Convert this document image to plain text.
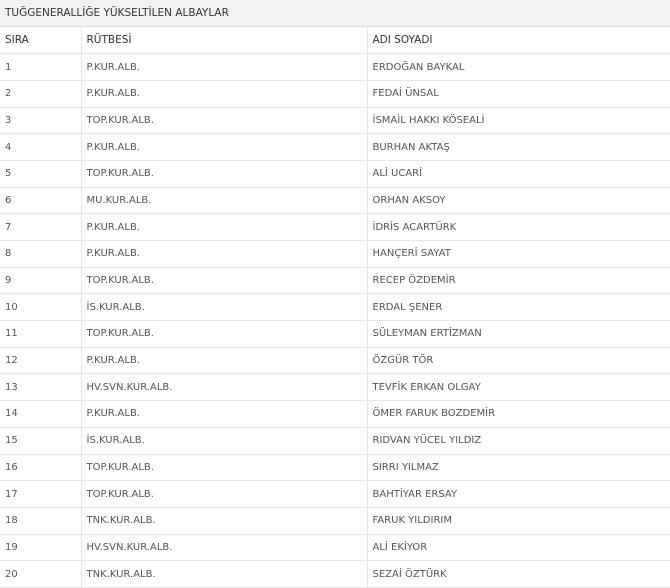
TUĞGENERALLİĞE YÜKSELTİLEN ALBAYLAR
SIRA	RÜTBESİ	ADI SOYADI
1	P.KUR.ALB.	ERDOĞAN BAYKAL
2	P.KUR.ALB.	FEDAİ ÜNSAL
3	TOP.KUR.ALB.	İSMAİL HAKKI KÖSEALİ
4	P.KUR.ALB.	BURHAN AKTAŞ
5	TOP.KUR.ALB.	ALİ UCARİ
6	MU.KUR.ALB.	ORHAN AKSOY
7	P.KUR.ALB.	İDRİS ACARTÜRK
8	P.KUR.ALB.	HANÇERİ SAYAT
9	TOP.KUR.ALB.	RECEP ÖZDEMİR
10	İS.KUR.ALB.	ERDAL ŞENER
11	TOP.KUR.ALB.	SÜLEYMAN ERTİZMAN
12	P.KUR.ALB.	ÖZGÜR TÖR
13	HV.SVN.KUR.ALB.	TEVFİK ERKAN OLGAY
14	P.KUR.ALB.	ÖMER FARUK BOZDEMİR
15	İS.KUR.ALB.	RIDVAN YÜCEL YILDIZ
16	TOP.KUR.ALB.	SIRRI YILMAZ
17	TOP.KUR.ALB.	BAHTİYAR ERSAY
18	TNK.KUR.ALB.	FARUK YILDIRIM
19	HV.SVN.KUR.ALB.	ALİ EKİYOR
20	TNK.KUR.ALB.	SEZAİ ÖZTÜRK
